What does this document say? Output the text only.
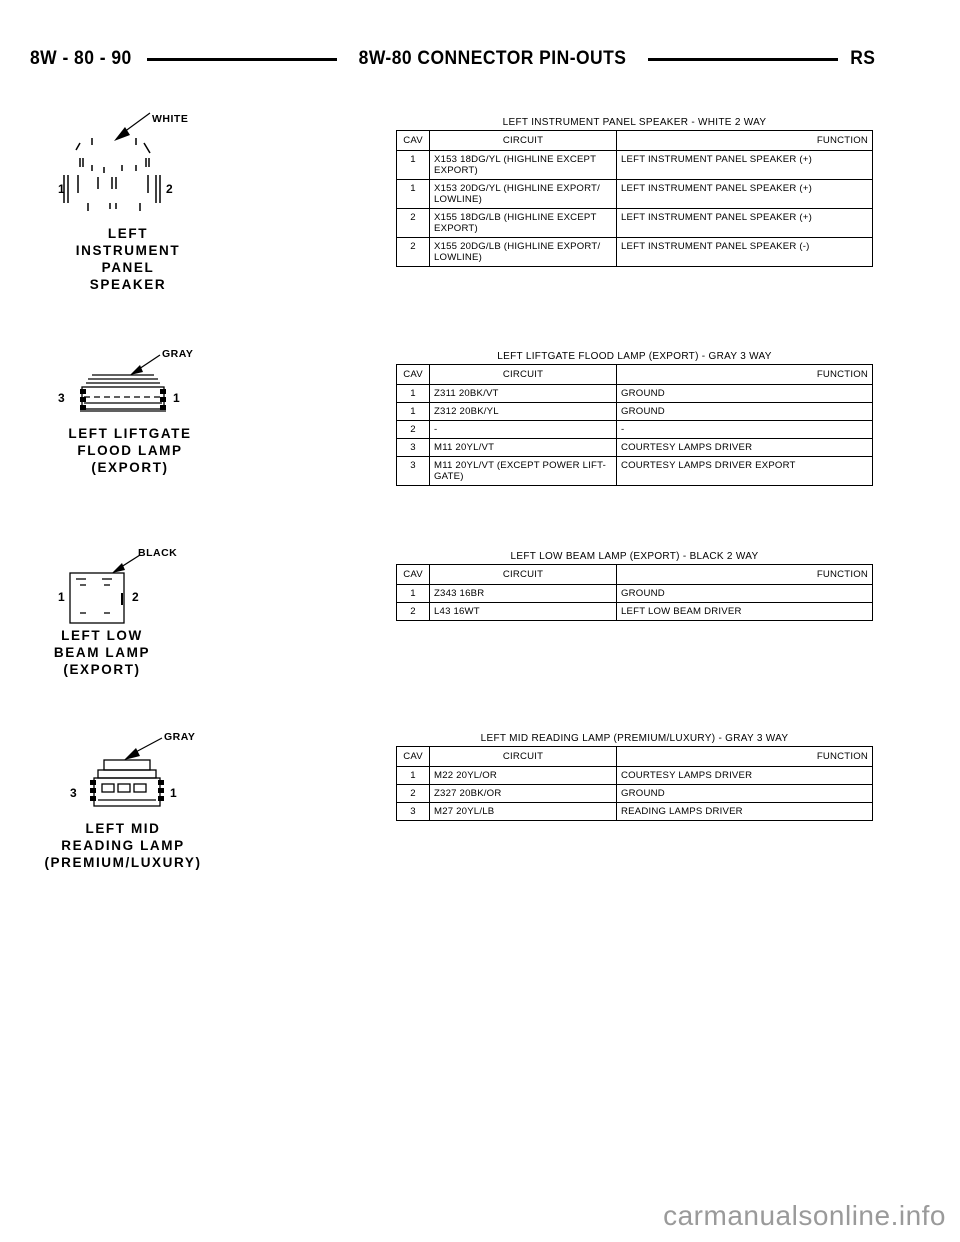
8W - 80 - 90	8W-80 CONNECTOR PIN-OUTS	RS
WHITE
1	2
LEFT
INSTRUMENT
PANEL
SPEAKER
LEFT INSTRUMENT PANEL SPEAKER - WHITE 2 WAY
CAV	CIRCUIT	FUNCTION
1	X153 18DG/YL (HIGHLINE EXCEPT EXPORT)	LEFT INSTRUMENT PANEL SPEAKER (+)
1	X153 20DG/YL (HIGHLINE EXPORT/ LOWLINE)	LEFT INSTRUMENT PANEL SPEAKER (+)
2	X155 18DG/LB (HIGHLINE EXCEPT EXPORT)	LEFT INSTRUMENT PANEL SPEAKER (+)
2	X155 20DG/LB (HIGHLINE EXPORT/ LOWLINE)	LEFT INSTRUMENT PANEL SPEAKER (-)
GRAY
3	1
LEFT LIFTGATE
FLOOD LAMP
(EXPORT)
LEFT LIFTGATE FLOOD LAMP (EXPORT) - GRAY 3 WAY
CAV	CIRCUIT	FUNCTION
1	Z311 20BK/VT	GROUND
1	Z312 20BK/YL	GROUND
2	-	-
3	M11 20YL/VT	COURTESY LAMPS DRIVER
3	M11 20YL/VT (EXCEPT POWER LIFT- GATE)	COURTESY LAMPS DRIVER EXPORT
BLACK
1	2
LEFT LOW
BEAM LAMP
(EXPORT)
LEFT LOW BEAM LAMP (EXPORT) - BLACK 2 WAY
CAV	CIRCUIT	FUNCTION
1	Z343 16BR	GROUND
2	L43 16WT	LEFT LOW BEAM DRIVER
GRAY
3	1
LEFT MID
READING LAMP
(PREMIUM/LUXURY)
LEFT MID READING LAMP (PREMIUM/LUXURY) - GRAY 3 WAY
CAV	CIRCUIT	FUNCTION
1	M22 20YL/OR	COURTESY LAMPS DRIVER
2	Z327 20BK/OR	GROUND
3	M27 20YL/LB	READING LAMPS DRIVER
carmanualsonline.info
